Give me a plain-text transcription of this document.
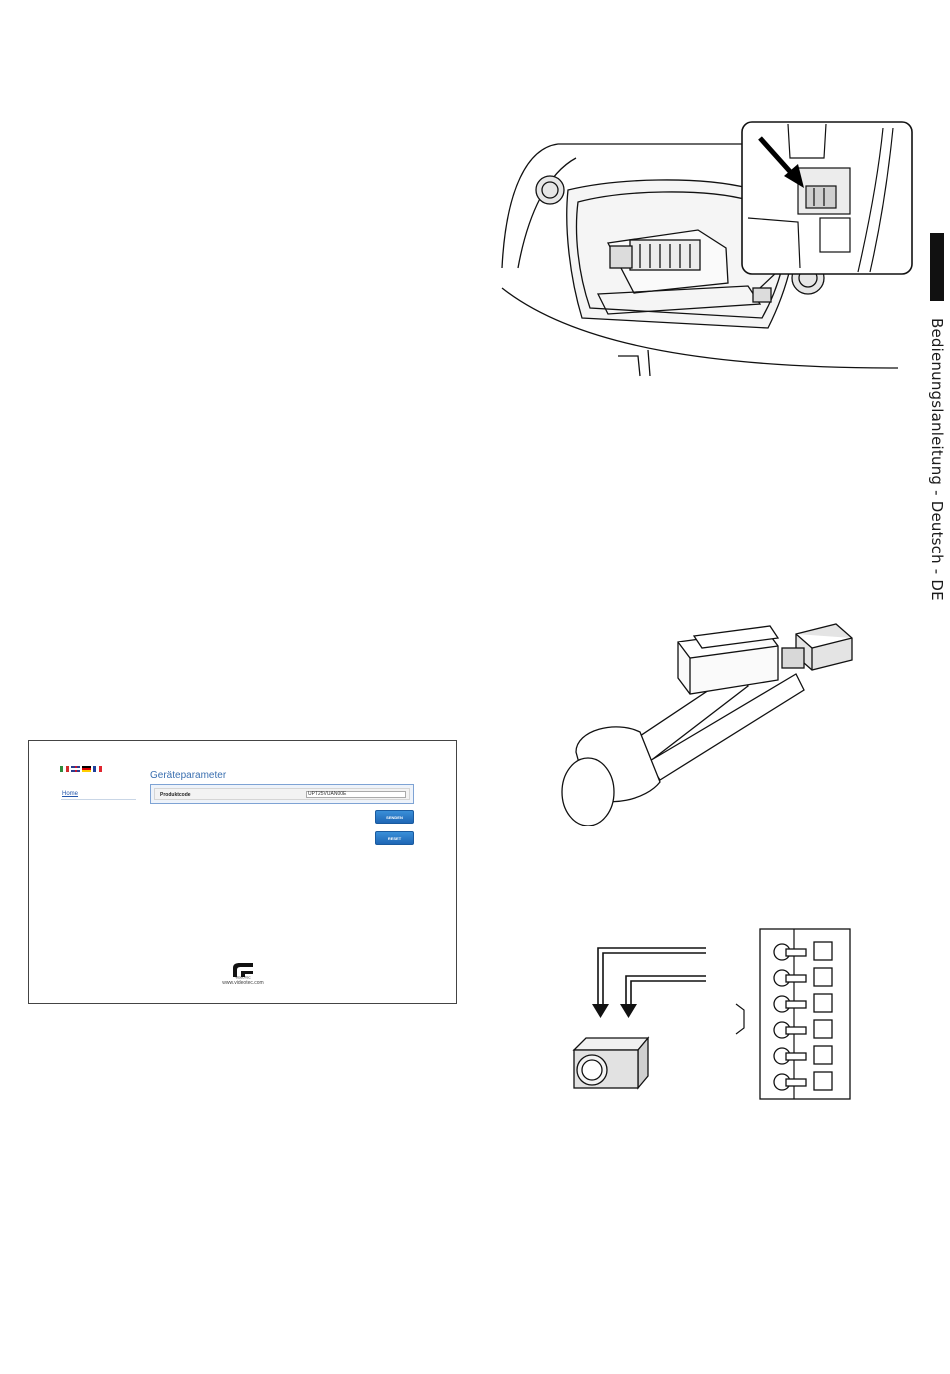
Bedienungslanleitung - Deutsch - DE
Home
Geräteparameter
Produktcode	UPT25VUAN00E
SENDEN
RESET
VIDEOTEC
www.videotec.com
